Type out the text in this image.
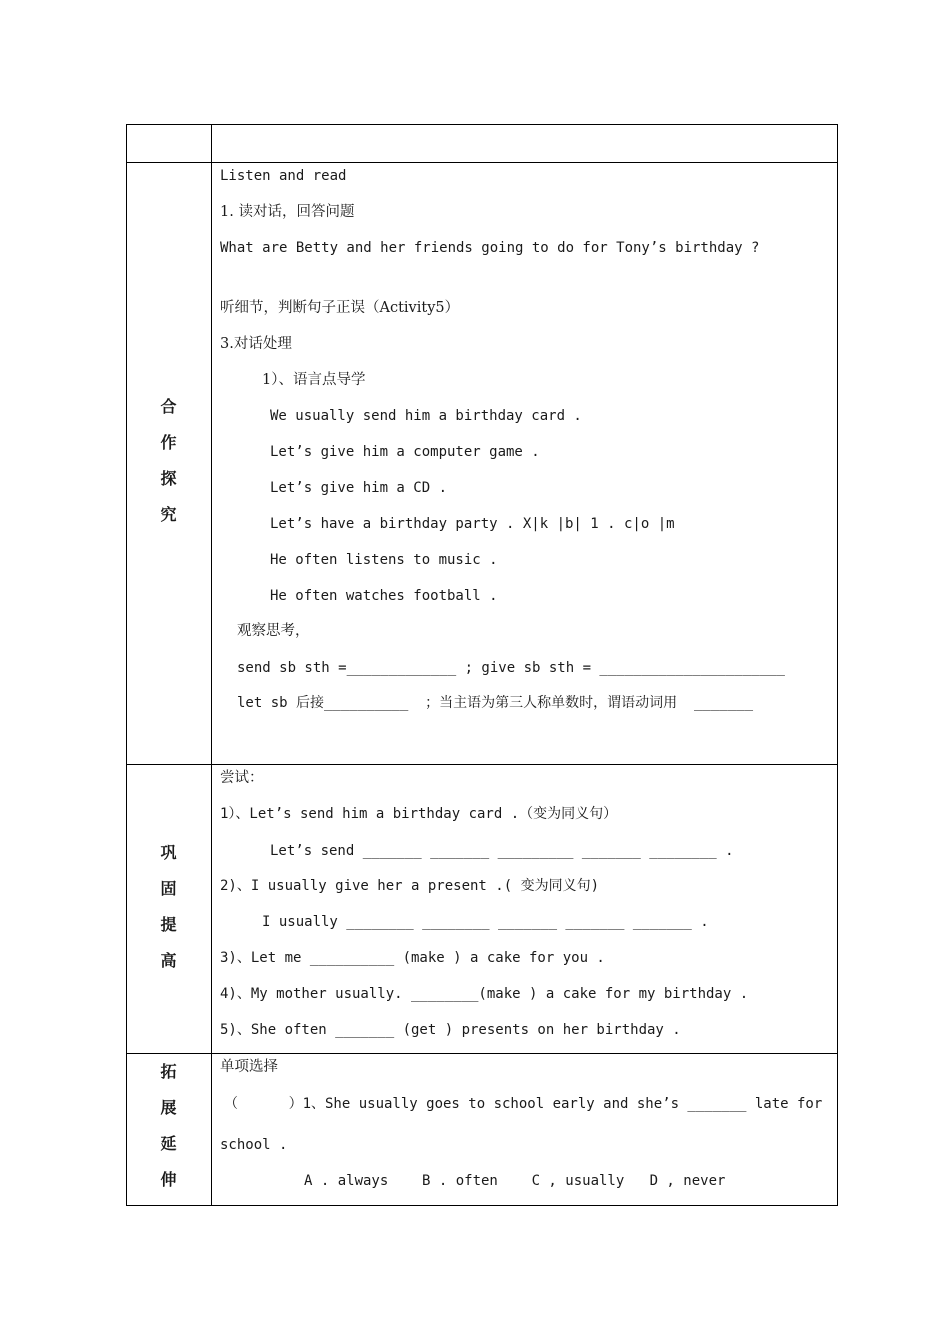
合
作
探
究
Listen and read
1. 读对话，回答问题
What are Betty and her friends going to do for Tony’s birthday ?
听细节，判断句子正误（Activity5）
3.对话处理
1）、语言点导学
We usually send him a birthday card .
Let’s give him a computer game .
Let’s give him a CD .
Let’s have a birthday party . X|k |b| 1 . c|o |m
He often listens to music .
He often watches football .
观察思考，
send sb sth =_____________ ; give sb sth = ______________________
let sb 后接__________  ；当主语为第三人称单数时，谓语动词用  _______
巩
固
提
高
尝试：
1）、Let’s send him a birthday card .（变为同义句）
Let’s send _______ _______ _________ _______ ________ .
2)、I usually give her a present .( 变为同义句)
I usually ________ ________ _______ _______ _______ .
3)、Let me __________ (make ) a cake for you .
4)、My mother usually. ________(make ) a cake for my birthday .
5)、She often _______ (get ) presents on her birthday .
拓
展
延
伸
单项选择
（      ）1、She usually goes to school early and she’s _______ late for
school .
A . always    B . often    C , usually   D , never
